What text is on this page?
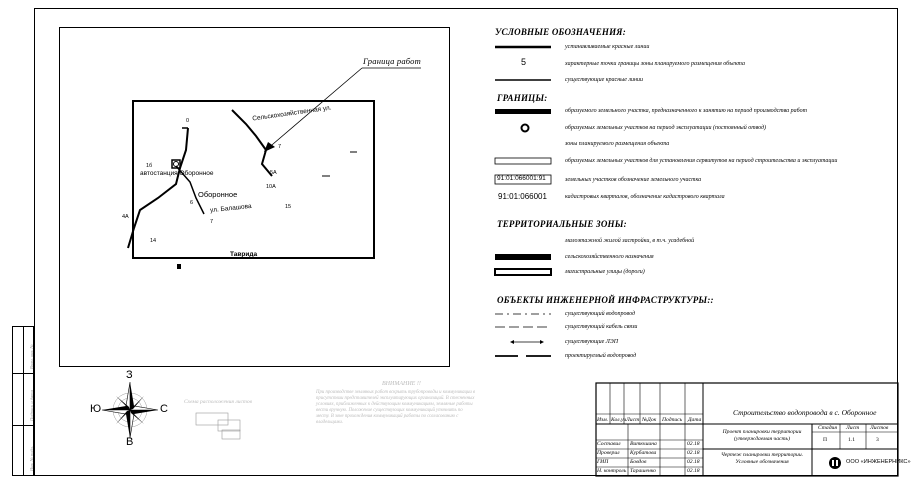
Взам. инв. №
Подпись и дата
Инв. № подл.
Граница работ
Сельскохозяйственная ул.
автостанция Оборонное
Оборонное
ул. Балашова
Таврида
0
1б
7
6
7
4А
14
5А
10А
15
УСЛОВНЫЕ ОБОЗНАЧЕНИЯ:
устанавливаемые красные линии
5	характерные точки границы зоны планируемого размещения объекта
существующие красные линии
ГРАНИЦЫ:
образуемого земельного участка, предназначенного к занятию на период производства работ
образуемых земельных участков на период эксплуатации (постоянный отвод)
зоны планируемого размещения объекта
образуемых земельных участков для установления сервитутов на период строительства и эксплуатации
91:01:066001:91	земельных участков обозначение земельного участка
91:01:066001	кадастровых кварталов, обозначение кадастрового квартала
ТЕРРИТОРИАЛЬНЫЕ ЗОНЫ:
малоэтажной жилой застройки, в т.ч. усадебной
сельскохозяйственного назначения
магистральные улицы (дороги)
ОБЪЕКТЫ ИНЖЕНЕРНОЙ ИНФРАСТРУКТУРЫ::
существующий водопровод
существующий кабель связи
существующие ЛЭП
проектируемый водопровод
З
В
Ю	С
Схема расположения листов
ВНИМАНИЕ !!
При производстве земляных работ вскрыть трубопроводы и коммуникации в присутствии представителей эксплуатирующих организаций. В стесненных условиях, приближенных к действующим коммуникациям, земляные работы вести вручную. Положение существующих коммуникаций уточнить по месту. В зоне прохождения коммуникаций работы по согласованию с владельцами.	Изм. Кол.уч Лист №Док Подпись Дата
Составил Витюшина	02.18
Проверил Курбатова	02.18
ГИП	Бовдов	02.18
Н. контроль Тарашенко	02.18
Строительство водопровода в с. Оборонное
Проект планировки территории (утверждаемая часть)
Чертеж планировки территории. Условные обозначения
Стадия Лист Листов
П	1.1	3
ООО «ИНЖЕНЕРНИКС»
